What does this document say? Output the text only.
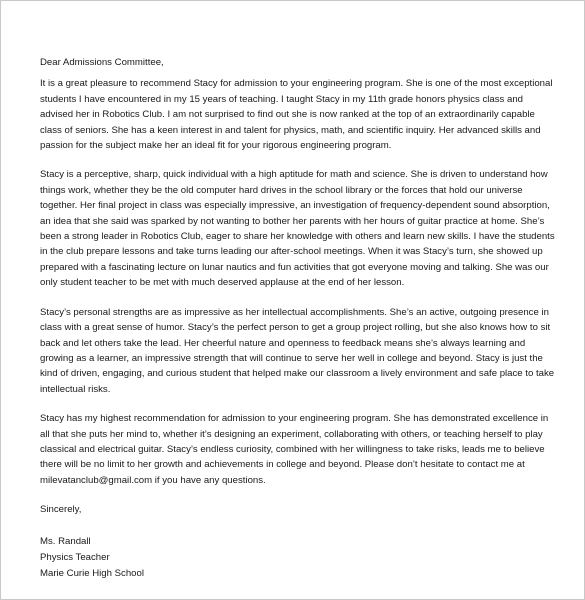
Dear Admissions Committee,

It is a great pleasure to recommend Stacy for admission to your engineering program. She is one of the most exceptional students I have encountered in my 15 years of teaching. I taught Stacy in my 11th grade honors physics class and advised her in Robotics Club. I am not surprised to find out she is now ranked at the top of an extraordinarily capable class of seniors. She has a keen interest in and talent for physics, math, and scientific inquiry. Her advanced skills and passion for the subject make her an ideal fit for your rigorous engineering program.

Stacy is a perceptive, sharp, quick individual with a high aptitude for math and science. She is driven to understand how things work, whether they be the old computer hard drives in the school library or the forces that hold our universe together. Her final project in class was especially impressive, an investigation of frequency-dependent sound absorption, an idea that she said was sparked by not wanting to bother her parents with her hours of guitar practice at home. She’s been a strong leader in Robotics Club, eager to share her knowledge with others and learn new skills. I have the students in the club prepare lessons and take turns leading our after-school meetings. When it was Stacy’s turn, she showed up prepared with a fascinating lecture on lunar nautics and fun activities that got everyone moving and talking. She was our only student teacher to be met with much deserved applause at the end of her lesson.

Stacy’s personal strengths are as impressive as her intellectual accomplishments. She’s an active, outgoing presence in class with a great sense of humor. Stacy’s the perfect person to get a group project rolling, but she also knows how to sit back and let others take the lead. Her cheerful nature and openness to feedback means she’s always learning and growing as a learner, an impressive strength that will continue to serve her well in college and beyond. Stacy is just the kind of driven, engaging, and curious student that helped make our classroom a lively environment and safe place to take intellectual risks.

Stacy has my highest recommendation for admission to your engineering program. She has demonstrated excellence in all that she puts her mind to, whether it’s designing an experiment, collaborating with others, or teaching herself to play classical and electrical guitar. Stacy’s endless curiosity, combined with her willingness to take risks, leads me to believe there will be no limit to her growth and achievements in college and beyond. Please don’t hesitate to contact me at milevatanclub@gmail.com if you have any questions.

Sincerely,

Ms. Randall

Physics Teacher

Marie Curie High School
